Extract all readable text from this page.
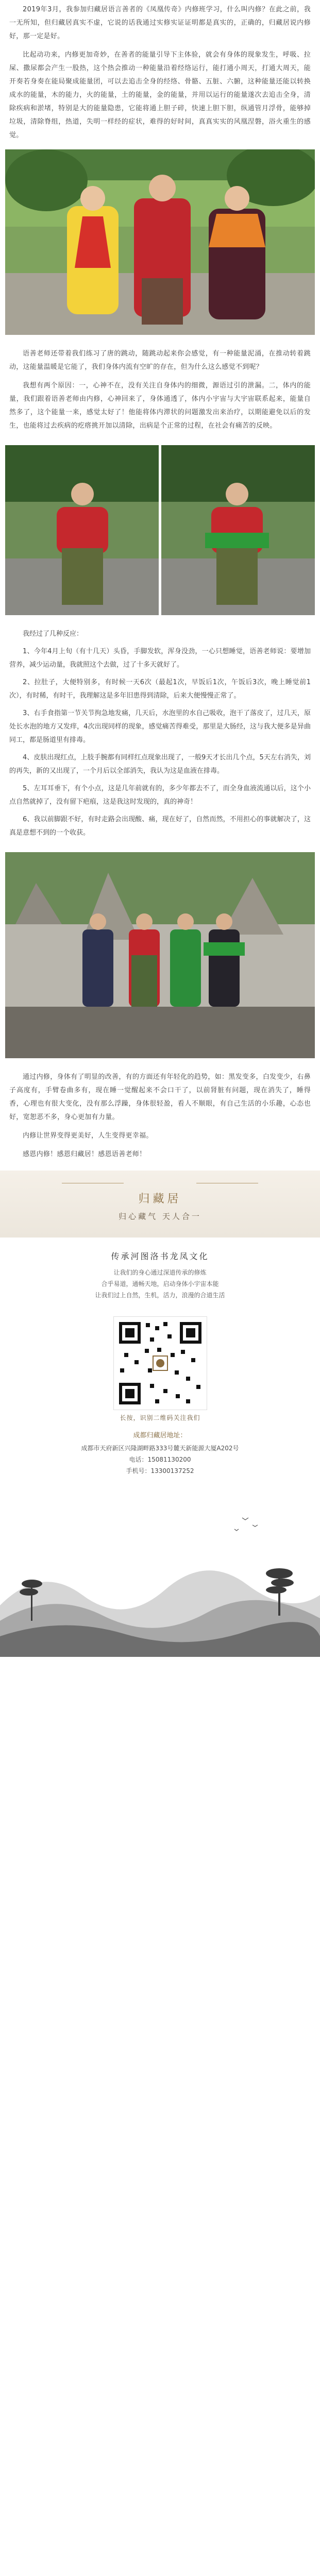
2019年3月，我参加归藏居语言善者的《凤凰传奇》内修班学习，什么叫内修？在此之前，我一无所知，但归藏居真实不虚，它说的话我通过实修实证证明都是真实的，正确的，归藏居说内修好，那一定是好。

比起动功来，内修更加奇妙，在善者的能量引导下主体验，就会有身体的现象发生，呼吸、拉屎、撒尿都会产生一股热，这个热会推动一种能量沿着经络运行，能打通小周天，打通大周天，能开奏若身奏在能局聚成能量团，可以去追击全身的经络、骨骼、五脏、六腑，这种能量还能以转换成水的能量，木的能力，火的能量，土的能量，金的能量，并用以运行的能量遂次去追击全身，清除疾病和淤堵，特别是大的能量隐患，它能将通上胆子碎，快速上胆下胆，纵通管月浮骨，能够掉垃圾，清除脊组，热道，失明一样经的症状，难得的好时间，真真实实的风凰涅磐，浴火重生的感觉。

语善老师还带着我们练习了唐的跳动，随跳动起来你会感觉，有一种能量泥涌，在推动转着跳动，这能量温暖是它能了，我们身体内流有空旷的存在，但为什么这么感觉不到呢？

我想有两个原因：一，心神不在，没有关注自身体内的细微，源语过引的泄漏。二，体内的能量，我们跟着语善老师由内修，心神回来了，身体通透了，体内小宇宙与大宇宙联系起来，能量自然多了，这个能量一来，感觉太好了！他能将体内滞状的问题激发出来治疗，以期能避免以后的发生，也能将过去疾病的疙瘩挑开加以清除，出病是个正常的过程，在社会有痛苦的反映。

我经过了几种反应：

1、今年4月上旬（有十几天）头昏，手脚发软，浑身没劲，一心只想睡觉，语善老师说：要增加营养，减少运动量，我就照这个去做，过了十多天就好了。

2、拉肚子，大便特别多，有时候一天6次（最起1次，早饭后1次，午饭后3次，晚上睡觉前1次），有时稀，有时干，我理解这是多年旧患得到清除，后来大便慢慢正常了。

3、右手食指第一节关节拘急地发痛，几天后，水泡里的水自己吸收，泡干了落皮了，过几天，原处长水泡的地方又发痒，4次出现同样的现象，感觉痛苦得难受，那里是大肠经，这与我大便多是异曲同工，都是肠道里有排毒。

4、皮肤出现红点，上肢手腕都有同样红点现象出现了，一般9天才长出几个点，5天左右消失，刘的再失，新的又出现了，一个月后以全部消失，我认为这是血液在排毒。

5、左耳耳垂下，有个小点，这是几年前就有的，多少年都去不了，而全身血液流通以后，这个小点自然就掉了，没有留下疤痕，这是我这时发现的，真的神奇！

6、我以前脚跟不好，有时走路会出现酸、痛，现在好了，自然而然，不用担心的事就解决了，这真是意想不到的一个收获。

通过内修，身体有了明显的改善，有的方面还有年轻化的趋势，如：黑发变多，白发变少，右鼻子高度有，手臂卷曲多有，现在睡一觉醒起来不会口干了，以前肾脏有问题，现在消失了，睡得香，心理也有很大变化，没有那么浮躁，身体很轻盈，看人不顺眼，有自己生活的小乐趣，心态也好，宽恕恶不多，身心更加有力量。

内修让世界变得更美好，人生变得更幸福。

感恩内修！感恩归藏居！感恩语善老师！

归藏居
归心藏气 天人合一
传承河图洛书龙凤文化
让我们的身心通过深道传承的修炼
合乎易道，通畅天地，启动身体小宇宙本能
让我们过上自然，生机，活力，浪漫的合道生活
长按，识别二维码关注我们
成都归藏居地址：
成都市天府新区兴隆湖畔路333号麓天新能源大厦A202号
电话：15081130200
手机号：13300137252
